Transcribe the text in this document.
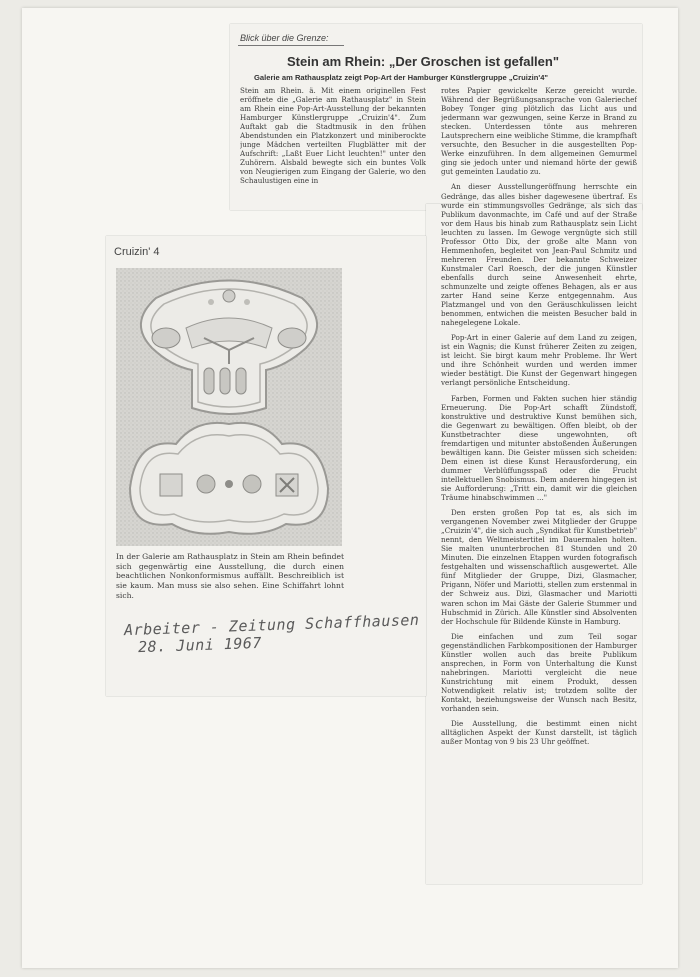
Blick über die Grenze:
Stein am Rhein: „Der Groschen ist gefallen"
Galerie am Rathausplatz zeigt Pop-Art der Hamburger Künstlergruppe „Cruizin'4"

Stein am Rhein. ä. Mit einem originellen Fest eröffnete die „Galerie am Rathausplatz" in Stein am Rhein eine Pop-Art-Ausstellung der bekannten Hamburger Künstlergruppe „Cruizin'4". Zum Auftakt gab die Stadtmusik in den frühen Abendstunden ein Platzkonzert und miniberockte junge Mädchen verteilten Flugblätter mit der Aufschrift: „Laßt Euer Licht leuchten!" unter den Zuhörern. Alsbald bewegte sich ein buntes Volk von Neugierigen zum Eingang der Galerie, wo den Schaulustigen eine in

rotes Papier gewickelte Kerze gereicht wurde. Während der Begrüßungsansprache von Galeriechef Bobey Tonger ging plötzlich das Licht aus und jedermann war gezwungen, seine Kerze in Brand zu stecken. Unterdessen tönte aus mehreren Lautsprechern eine weibliche Stimme, die krampfhaft versuchte, den Besucher in die ausgestellten Pop-Werke einzuführen. In dem allgemeinen Gemurmel ging sie jedoch unter und niemand hörte der gewiß gut gemeinten Laudatio zu.

An dieser Ausstellungeröffnung herrschte ein Gedränge, das alles bisher dagewesene übertraf. Es wurde ein stimmungsvolles Gedränge, als sich das Publikum davonmachte, im Café und auf der Straße vor dem Haus bis hinab zum Rathausplatz sein Licht leuchten zu lassen. Im Gewoge vergnügte sich still Professor Otto Dix, der große alte Mann von Hemmenhofen, begleitet von Jean-Paul Schmitz und mehreren Freunden. Der bekannte Schweizer Kunstmaler Carl Roesch, der die jungen Künstler ebenfalls durch seine Anwesenheit ehrte, schmunzelte und zeigte offenes Behagen, als er aus zarter Hand seine Kerze entgegennahm. Aus Platzmangel und von den Geräuschkulissen leicht benommen, entwichen die meisten Besucher bald in nahegelegene Lokale.

Pop-Art in einer Galerie auf dem Land zu zeigen, ist ein Wagnis; die Kunst früherer Zeiten zu zeigen, ist leicht. Sie birgt kaum mehr Probleme. Ihr Wert und ihre Schönheit wurden und werden immer wieder bestätigt. Die Kunst der Gegenwart hingegen verlangt persönliche Entscheidung.

Farben, Formen und Fakten suchen hier ständig Erneuerung. Die Pop-Art schafft Zündstoff, konstruktive und destruktive Kunst bemühen sich, die Gegenwart zu bewältigen. Offen bleibt, ob der Kunstbetrachter diese ungewohnten, oft fremdartigen und mitunter abstoßenden Äußerungen bewältigen kann. Die Geister müssen sich scheiden: Dem einen ist diese Kunst Herausforderung, ein dummer Verblüffungsspaß oder die Frucht intellektuellen Snobismus. Dem anderen hingegen ist sie Aufforderung: „Tritt ein, damit wir die gleichen Träume hinabschwimmen ..."

Den ersten großen Pop tat es, als sich im vergangenen November zwei Mitglieder der Gruppe „Cruizin'4", die sich auch „Syndikat für Kunstbetrieb" nennt, den Weltmeistertitel im Dauermalen holten. Sie malten ununterbrochen 81 Stunden und 20 Minuten. Die einzelnen Etappen wurden fotografisch festgehalten und wissenschaftlich ausgewertet. Alle fünf Mitglieder der Gruppe, Dizi, Glasmacher, Prigann, Nöfer und Mariotti, stellen zum erstenmal in der Schweiz aus. Dizi, Glasmacher und Mariotti waren schon im Mai Gäste der Galerie Stummer und Hubschmid in Zürich. Alle Künstler sind Absolventen der Hochschule für Bildende Künste in Hamburg.

Die einfachen und zum Teil sogar gegenständlichen Farbkompositionen der Hamburger Künstler wollen auch das breite Publikum ansprechen, in Form von Unterhaltung die Kunst nahebringen. Mariotti vergleicht die neue Kunstrichtung mit einem Produkt, dessen Notwendigkeit relativ ist; trotzdem sollte der Kontakt, beziehungsweise der Wunsch nach Besitz, vorhanden sein.

Die Ausstellung, die bestimmt einen nicht alltäglichen Aspekt der Kunst darstellt, ist täglich außer Montag von 9 bis 23 Uhr geöffnet.

Cruizin' 4
In der Galerie am Rathausplatz in Stein am Rhein befindet sich gegenwärtig eine Ausstellung, die durch einen beachtlichen Nonkonformismus auffällt. Beschreiblich ist sie kaum. Man muss sie also sehen. Eine Schiffahrt lohnt sich.
Arbeiter - Zeitung Schaffhausen
28. Juni 1967
